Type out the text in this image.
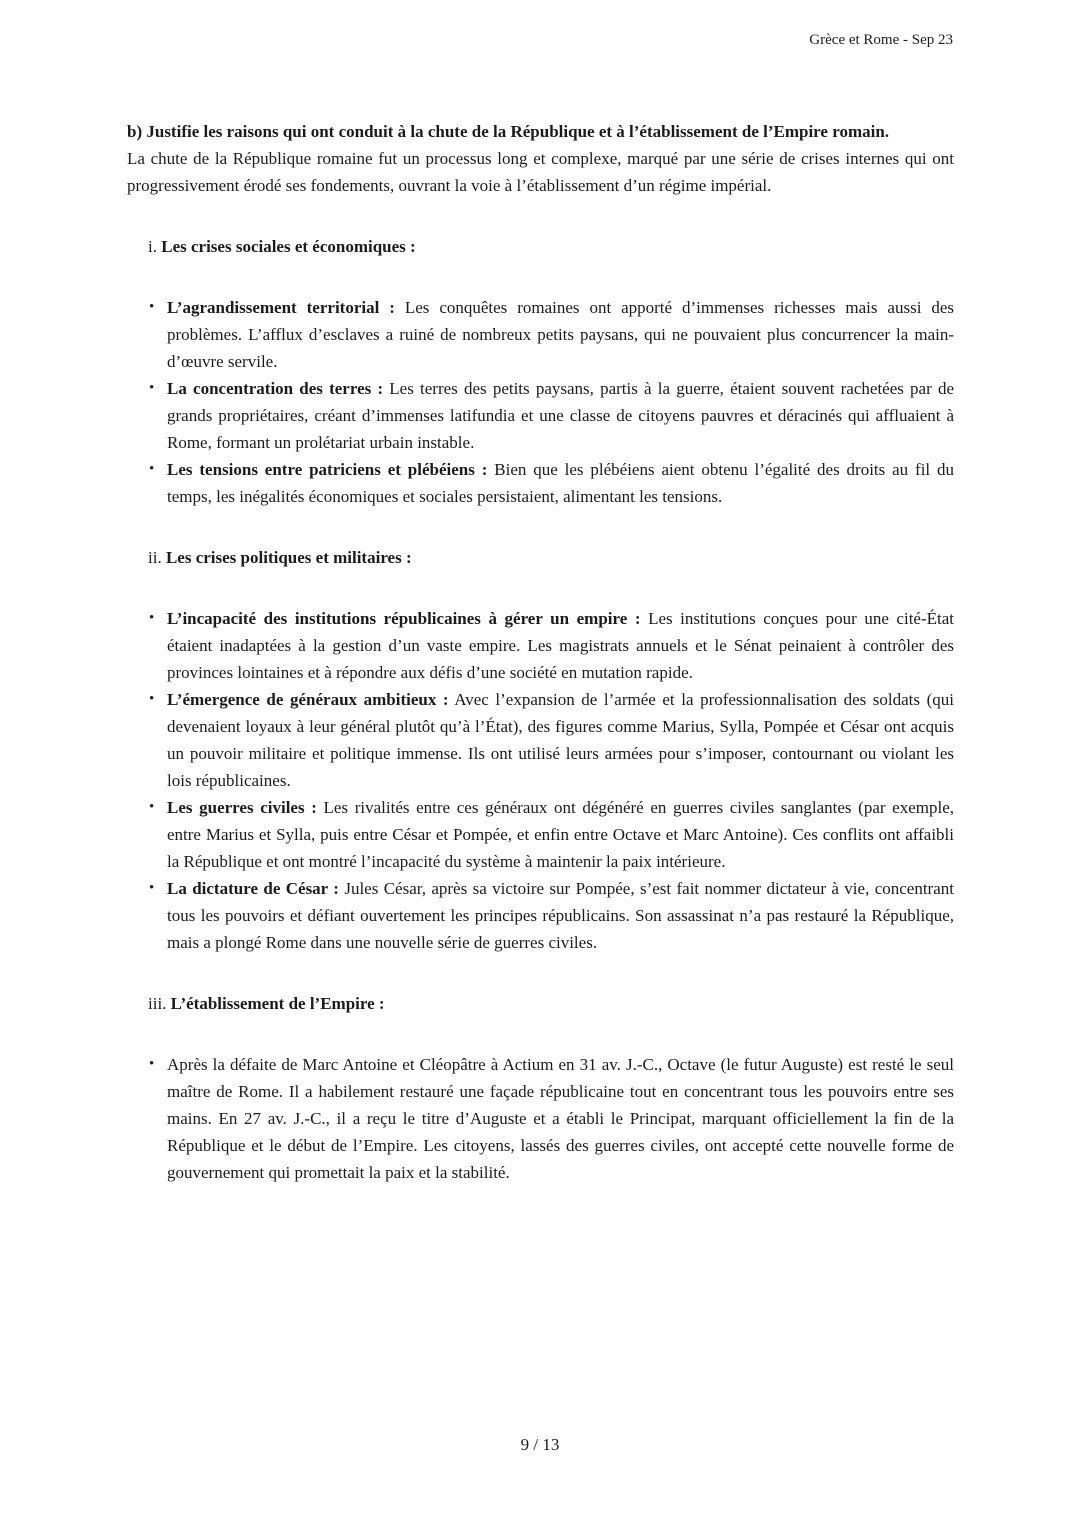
Grèce et Rome - Sep 23

b) Justifie les raisons qui ont conduit à la chute de la République et à l’établissement de l’Empire romain.

La chute de la République romaine fut un processus long et complexe, marqué par une série de crises internes qui ont progressivement érodé ses fondements, ouvrant la voie à l’établissement d’un régime impérial.

i. Les crises sociales et économiques :

• L’agrandissement territorial : Les conquêtes romaines ont apporté d’immenses richesses mais aussi des problèmes. L’afflux d’esclaves a ruiné de nombreux petits paysans, qui ne pouvaient plus concurrencer la main-d’œuvre servile.
• La concentration des terres : Les terres des petits paysans, partis à la guerre, étaient souvent rachetées par de grands propriétaires, créant d’immenses latifundia et une classe de citoyens pauvres et déracinés qui affluaient à Rome, formant un prolétariat urbain instable.
• Les tensions entre patriciens et plébéiens : Bien que les plébéiens aient obtenu l’égalité des droits au fil du temps, les inégalités économiques et sociales persistaient, alimentant les tensions.

ii. Les crises politiques et militaires :

• L’incapacité des institutions républicaines à gérer un empire : Les institutions conçues pour une cité-État étaient inadaptées à la gestion d’un vaste empire. Les magistrats annuels et le Sénat peinaient à contrôler des provinces lointaines et à répondre aux défis d’une société en mutation rapide.
• L’émergence de généraux ambitieux : Avec l’expansion de l’armée et la professionnalisation des soldats (qui devenaient loyaux à leur général plutôt qu’à l’État), des figures comme Marius, Sylla, Pompée et César ont acquis un pouvoir militaire et politique immense. Ils ont utilisé leurs armées pour s’imposer, contournant ou violant les lois républicaines.
• Les guerres civiles : Les rivalités entre ces généraux ont dégénéré en guerres civiles sanglantes (par exemple, entre Marius et Sylla, puis entre César et Pompée, et enfin entre Octave et Marc Antoine). Ces conflits ont affaibli la République et ont montré l’incapacité du système à maintenir la paix intérieure.
• La dictature de César : Jules César, après sa victoire sur Pompée, s’est fait nommer dictateur à vie, concentrant tous les pouvoirs et défiant ouvertement les principes républicains. Son assassinat n’a pas restauré la République, mais a plongé Rome dans une nouvelle série de guerres civiles.

iii. L’établissement de l’Empire :

• Après la défaite de Marc Antoine et Cléopâtre à Actium en 31 av. J.-C., Octave (le futur Auguste) est resté le seul maître de Rome. Il a habilement restauré une façade républicaine tout en concentrant tous les pouvoirs entre ses mains. En 27 av. J.-C., il a reçu le titre d’Auguste et a établi le Principat, marquant officiellement la fin de la République et le début de l’Empire. Les citoyens, lassés des guerres civiles, ont accepté cette nouvelle forme de gouvernement qui promettait la paix et la stabilité.
9 / 13
